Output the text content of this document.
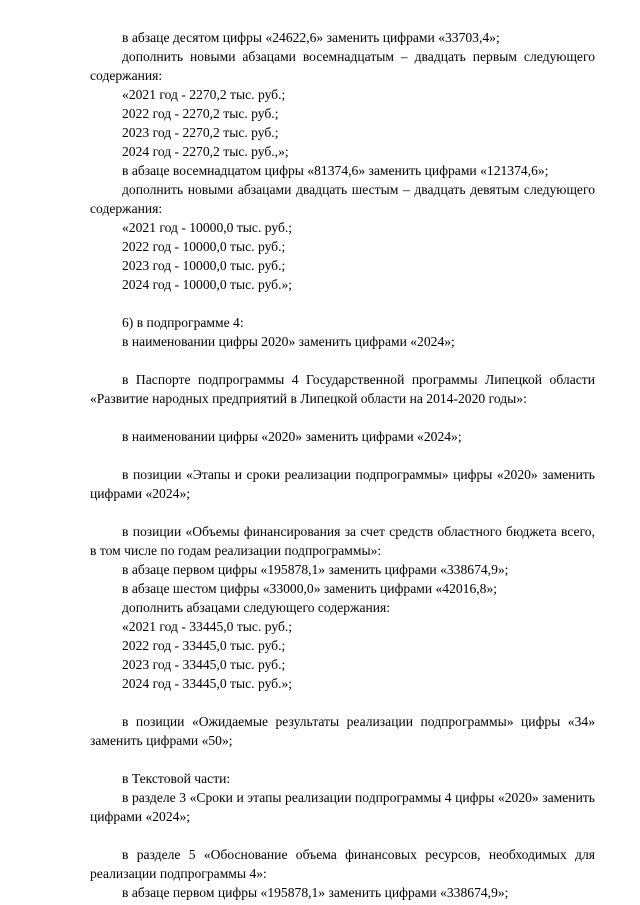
в абзаце десятом цифры «24622,6» заменить цифрами «33703,4»;

дополнить новыми абзацами восемнадцатым – двадцать первым следующего содержания:

«2021 год - 2270,2 тыс. руб.;

2022 год - 2270,2 тыс. руб.;

2023 год - 2270,2 тыс. руб.;

2024 год - 2270,2 тыс. руб.,»;

в абзаце восемнадцатом цифры «81374,6» заменить цифрами «121374,6»;

дополнить новыми абзацами двадцать шестым – двадцать девятым следующего содержания:

«2021 год - 10000,0 тыс. руб.;

2022 год - 10000,0 тыс. руб.;

2023 год - 10000,0 тыс. руб.;

2024 год - 10000,0 тыс. руб.»;

6) в подпрограмме 4:

в наименовании цифры 2020» заменить цифрами «2024»;

в Паспорте подпрограммы 4 Государственной программы Липецкой области «Развитие народных предприятий в Липецкой области на 2014-2020 годы»:

в наименовании цифры «2020» заменить цифрами «2024»;

в позиции «Этапы и сроки реализации подпрограммы» цифры «2020» заменить цифрами «2024»;

в позиции «Объемы финансирования за счет средств областного бюджета всего, в том числе по годам реализации подпрограммы»:

в абзаце первом цифры «195878,1» заменить цифрами «338674,9»;

в абзаце шестом цифры «33000,0» заменить цифрами «42016,8»;

дополнить абзацами следующего содержания:

«2021 год - 33445,0 тыс. руб.;

2022 год - 33445,0 тыс. руб.;

2023 год - 33445,0 тыс. руб.;

2024 год - 33445,0 тыс. руб.»;

в позиции «Ожидаемые результаты реализации подпрограммы» цифры «34» заменить цифрами «50»;

в Текстовой части:

в разделе 3 «Сроки и этапы реализации подпрограммы 4 цифры «2020» заменить цифрами «2024»;

в разделе 5 «Обоснование объема финансовых ресурсов, необходимых для реализации подпрограммы 4»:

в абзаце первом цифры «195878,1» заменить цифрами «338674,9»;
